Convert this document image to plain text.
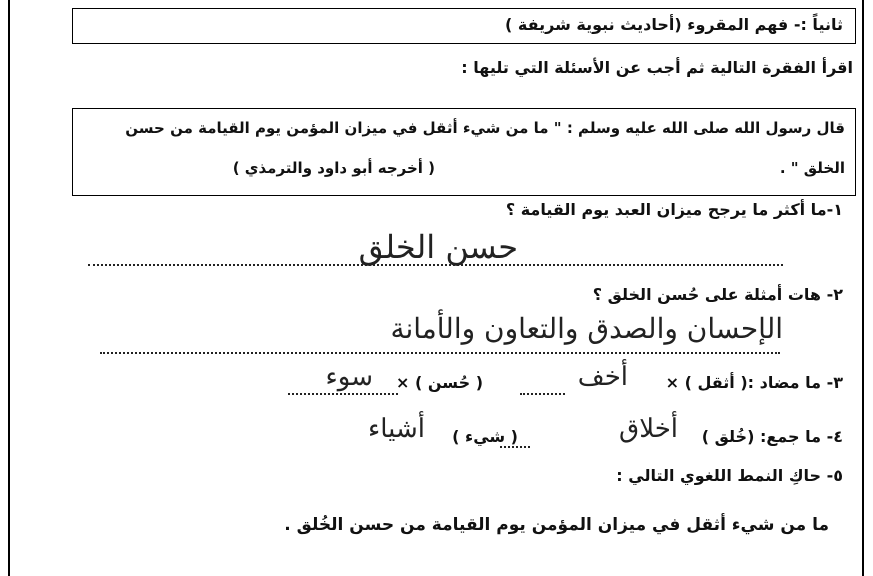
ثانياً :- فهم المقروء (أحاديث نبوية شريفة )
اقرأ الفقرة التالية ثم أجب عن الأسئلة التي تليها :
قال رسول الله صلى الله عليه وسلم : " ما من شيء أثقل في ميزان المؤمن يوم القيامة من حسن
الخلق " .
( أخرجه أبو داود والترمذي )
١-ما أكثر ما يرجح ميزان العبد يوم القيامة ؟
حسن الخلق
٢- هات أمثلة على حُسن الخلق ؟
الإحسان والصدق والتعاون والأمانة
٣- ما مضاد :( أثقل ) ×
أخف
( حُسن ) ×
سوء
٤- ما جمع: (خُلق )
أخلاق
( شيء )
أشياء
٥- حاكِ النمط اللغوي التالي :
ما من شيء أثقل في ميزان المؤمن يوم القيامة من حسن الخُلق .
